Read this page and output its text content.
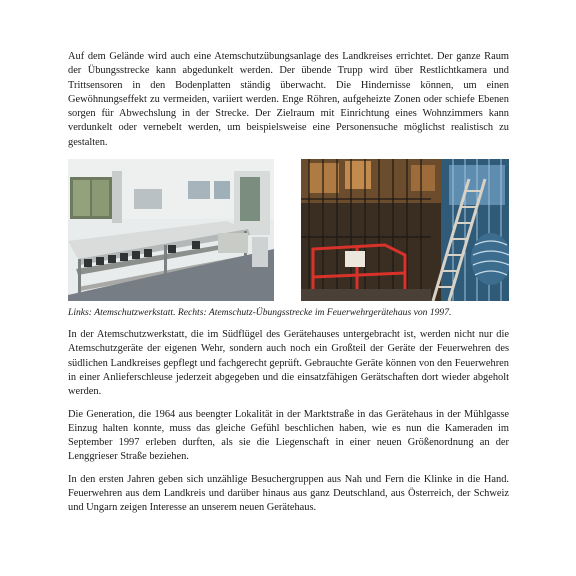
Auf dem Gelände wird auch eine Atemschutzübungsanlage des Landkreises errichtet. Der ganze Raum der Übungsstrecke kann abgedunkelt werden. Der übende Trupp wird über Restlichtkamera und Trittsensoren in den Bodenplatten ständig überwacht. Die Hindernisse können, um einen Gewöhnungseffekt zu vermeiden, variiert werden. Enge Röhren, aufgeheizte Zonen oder schiefe Ebenen sorgen für Abwechslung in der Strecke. Der Zielraum mit Einrichtung eines Wohnzimmers kann verdunkelt oder vernebelt werden, um beispielsweise eine Personensuche möglichst realistisch zu gestalten.

Links: Atemschutzwerkstatt. Rechts: Atemschutz-Übungsstrecke im Feuerwehrgerätehaus von 1997.

In der Atemschutzwerkstatt, die im Südflügel des Gerätehauses untergebracht ist, werden nicht nur die Atemschutzgeräte der eigenen Wehr, sondern auch noch ein Großteil der Geräte der Feuerwehren des südlichen Landkreises gepflegt und fachgerecht geprüft. Gebrauchte Geräte können von den Feuerwehren in einer Anlieferschleuse jederzeit abgegeben und die einsatzfähigen Gerätschaften dort wieder abgeholt werden.

Die Generation, die 1964 aus beengter Lokalität in der Marktstraße in das Gerätehaus in der Mühlgasse Einzug halten konnte, muss das gleiche Gefühl beschlichen haben, wie es nun die Kameraden im September 1997 erleben durften, als sie die Liegenschaft in einer neuen Größenordnung an der Lenggrieser Straße beziehen.

In den ersten Jahren geben sich unzählige Besuchergruppen aus Nah und Fern die Klinke in die Hand. Feuerwehren aus dem Landkreis und darüber hinaus aus ganz Deutschland, aus Österreich, der Schweiz und Ungarn zeigen Interesse an unserem neuen Gerätehaus.
